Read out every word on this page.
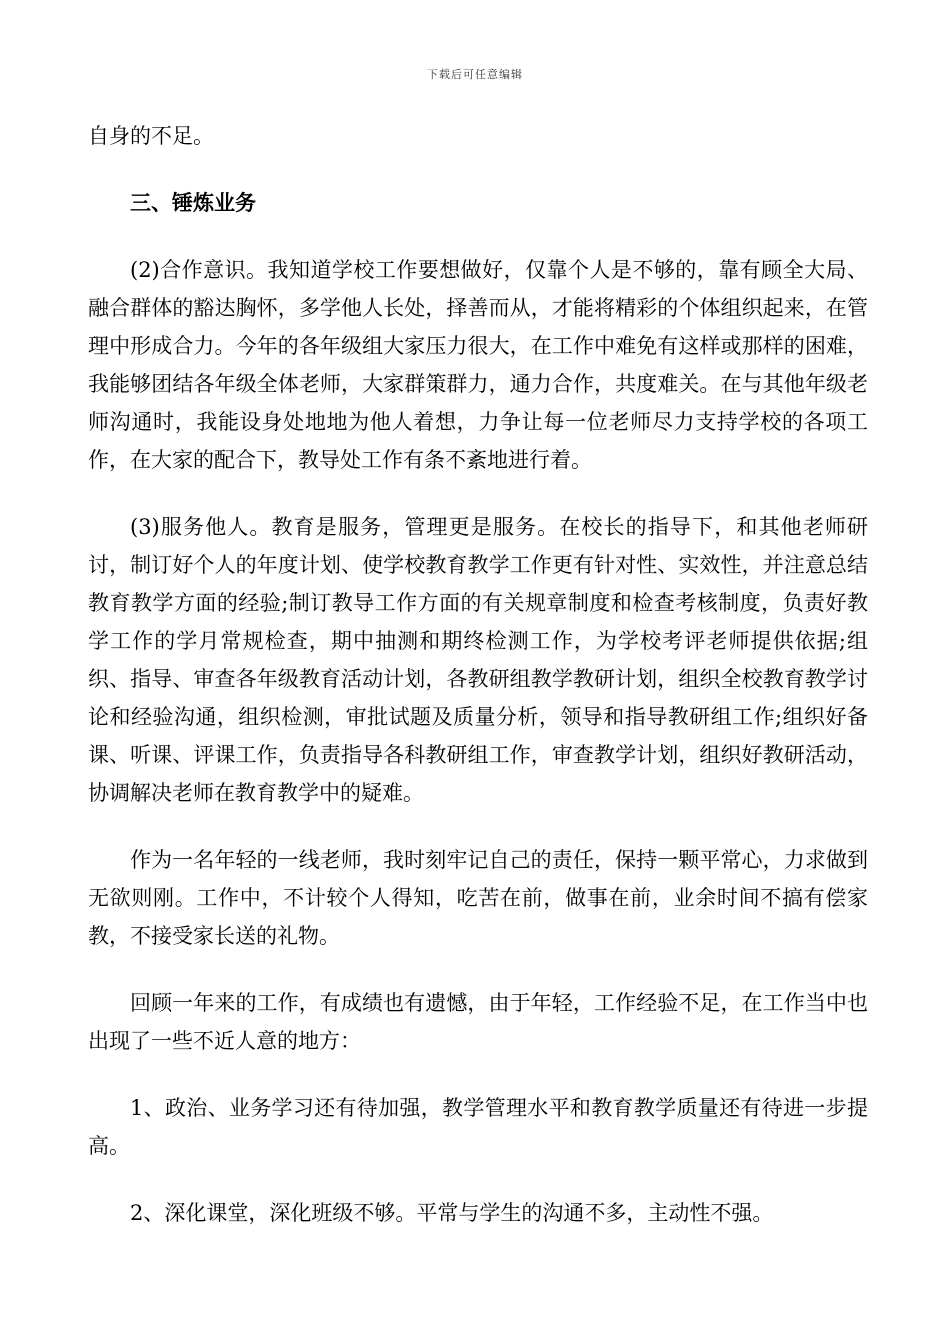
下载后可任意编辑

自身的不足。

三、锤炼业务

(2)合作意识。我知道学校工作要想做好，仅靠个人是不够的，靠有顾全大局、融合群体的豁达胸怀，多学他人长处，择善而从，才能将精彩的个体组织起来，在管理中形成合力。今年的各年级组大家压力很大，在工作中难免有这样或那样的困难，我能够团结各年级全体老师，大家群策群力，通力合作，共度难关。在与其他年级老师沟通时，我能设身处地地为他人着想，力争让每一位老师尽力支持学校的各项工作，在大家的配合下，教导处工作有条不紊地进行着。

(3)服务他人。教育是服务，管理更是服务。在校长的指导下，和其他老师研讨，制订好个人的年度计划、使学校教育教学工作更有针对性、实效性，并注意总结教育教学方面的经验;制订教导工作方面的有关规章制度和检查考核制度，负责好教学工作的学月常规检查，期中抽测和期终检测工作，为学校考评老师提供依据;组织、指导、审查各年级教育活动计划，各教研组教学教研计划，组织全校教育教学讨论和经验沟通，组织检测，审批试题及质量分析，领导和指导教研组工作;组织好备课、听课、评课工作，负责指导各科教研组工作，审查教学计划，组织好教研活动，协调解决老师在教育教学中的疑难。

作为一名年轻的一线老师，我时刻牢记自己的责任，保持一颗平常心，力求做到无欲则刚。工作中，不计较个人得知，吃苦在前，做事在前，业余时间不搞有偿家教，不接受家长送的礼物。

回顾一年来的工作，有成绩也有遗憾，由于年轻，工作经验不足，在工作当中也出现了一些不近人意的地方：

1、政治、业务学习还有待加强，教学管理水平和教育教学质量还有待进一步提高。

2、深化课堂，深化班级不够。平常与学生的沟通不多，主动性不强。
